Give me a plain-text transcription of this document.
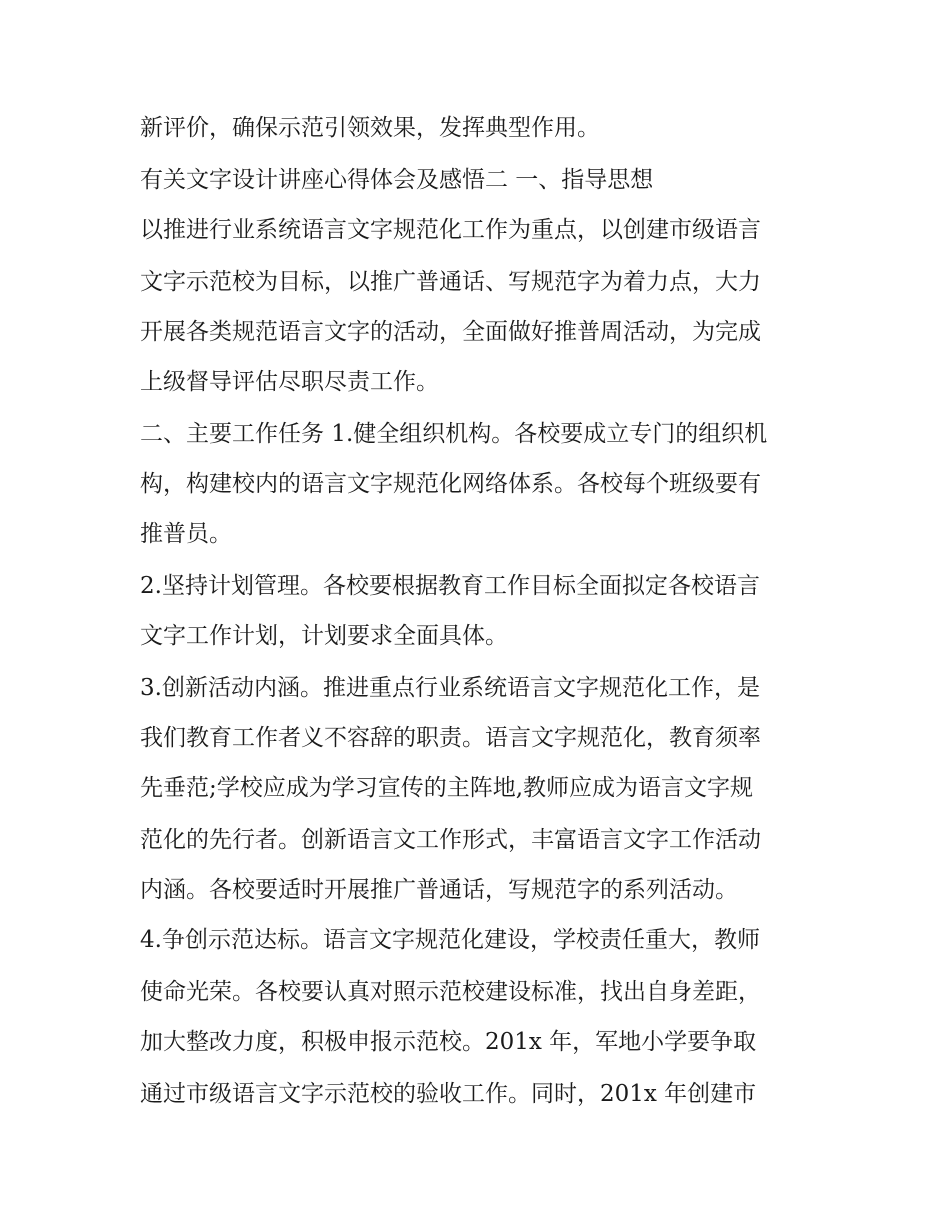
新评价，确保示范引领效果，发挥典型作用。
有关文字设计讲座心得体会及感悟二 一、指导思想
以推进行业系统语言文字规范化工作为重点，以创建市级语言
文字示范校为目标，以推广普通话、写规范字为着力点，大力
开展各类规范语言文字的活动，全面做好推普周活动，为完成
上级督导评估尽职尽责工作。
二、主要工作任务 1.健全组织机构。各校要成立专门的组织机
构，构建校内的语言文字规范化网络体系。各校每个班级要有
推普员。
2.坚持计划管理。各校要根据教育工作目标全面拟定各校语言
文字工作计划，计划要求全面具体。
3.创新活动内涵。推进重点行业系统语言文字规范化工作，是
我们教育工作者义不容辞的职责。语言文字规范化，教育须率
先垂范;学校应成为学习宣传的主阵地,教师应成为语言文字规
范化的先行者。创新语言文工作形式，丰富语言文字工作活动
内涵。各校要适时开展推广普通话，写规范字的系列活动。
4.争创示范达标。语言文字规范化建设，学校责任重大，教师
使命光荣。各校要认真对照示范校建设标准，找出自身差距，
加大整改力度，积极申报示范校。201x 年，军地小学要争取
通过市级语言文字示范校的验收工作。同时，201x 年创建市
